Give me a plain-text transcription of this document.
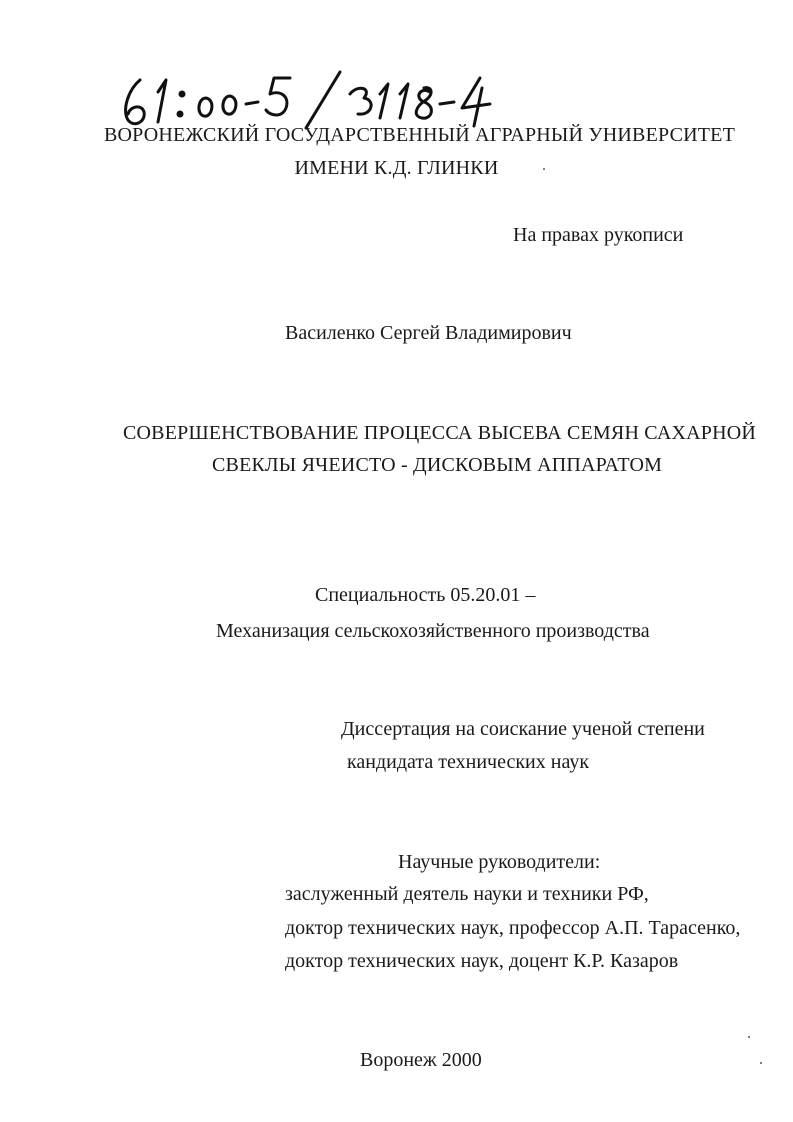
ВОРОНЕЖСКИЙ ГОСУДАРСТВЕННЫЙ АГРАРНЫЙ УНИВЕРСИТЕТ
ИМЕНИ К.Д. ГЛИНКИ
На правах рукописи
Василенко Сергей Владимирович
СОВЕРШЕНСТВОВАНИЕ ПРОЦЕССА ВЫСЕВА СЕМЯН САХАРНОЙ
СВЕКЛЫ ЯЧЕИСТО - ДИСКОВЫМ АППАРАТОМ
Специальность 05.20.01 –
Механизация сельскохозяйственного производства
Диссертация на соискание ученой степени
кандидата технических наук
Научные руководители:
заслуженный деятель науки и техники РФ,
доктор технических наук, профессор А.П. Тарасенко,
доктор технических наук, доцент К.Р. Казаров
Воронеж 2000
